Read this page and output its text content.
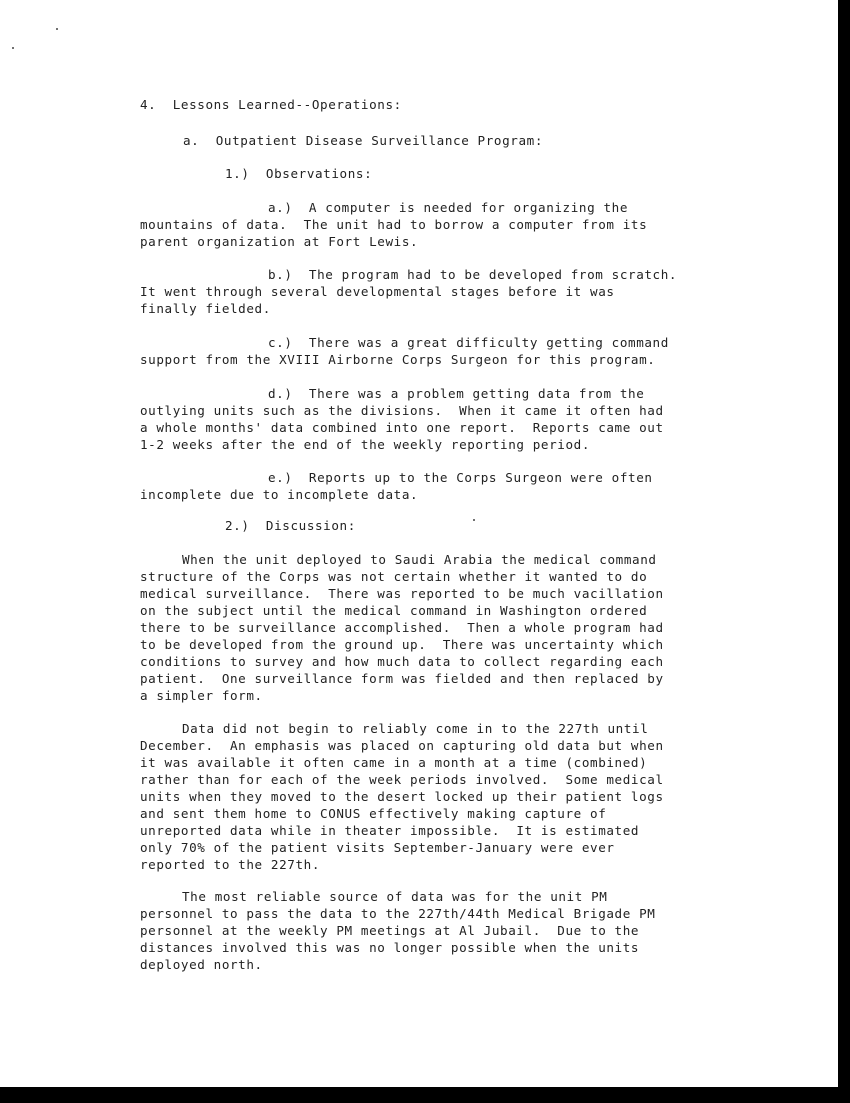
4.  Lessons Learned--Operations:
a.  Outpatient Disease Surveillance Program:
1.)  Observations:
a.)  A computer is needed for organizing the
mountains of data.  The unit had to borrow a computer from its
parent organization at Fort Lewis.
b.)  The program had to be developed from scratch.
It went through several developmental stages before it was
finally fielded.
c.)  There was a great difficulty getting command
support from the XVIII Airborne Corps Surgeon for this program.
d.)  There was a problem getting data from the
outlying units such as the divisions.  When it came it often had
a whole months' data combined into one report.  Reports came out
1-2 weeks after the end of the weekly reporting period.
e.)  Reports up to the Corps Surgeon were often
incomplete due to incomplete data.
2.)  Discussion:
When the unit deployed to Saudi Arabia the medical command
structure of the Corps was not certain whether it wanted to do
medical surveillance.  There was reported to be much vacillation
on the subject until the medical command in Washington ordered
there to be surveillance accomplished.  Then a whole program had
to be developed from the ground up.  There was uncertainty which
conditions to survey and how much data to collect regarding each
patient.  One surveillance form was fielded and then replaced by
a simpler form.
Data did not begin to reliably come in to the 227th until
December.  An emphasis was placed on capturing old data but when
it was available it often came in a month at a time (combined)
rather than for each of the week periods involved.  Some medical
units when they moved to the desert locked up their patient logs
and sent them home to CONUS effectively making capture of
unreported data while in theater impossible.  It is estimated
only 70% of the patient visits September-January were ever
reported to the 227th.
The most reliable source of data was for the unit PM
personnel to pass the data to the 227th/44th Medical Brigade PM
personnel at the weekly PM meetings at Al Jubail.  Due to the
distances involved this was no longer possible when the units
deployed north.
